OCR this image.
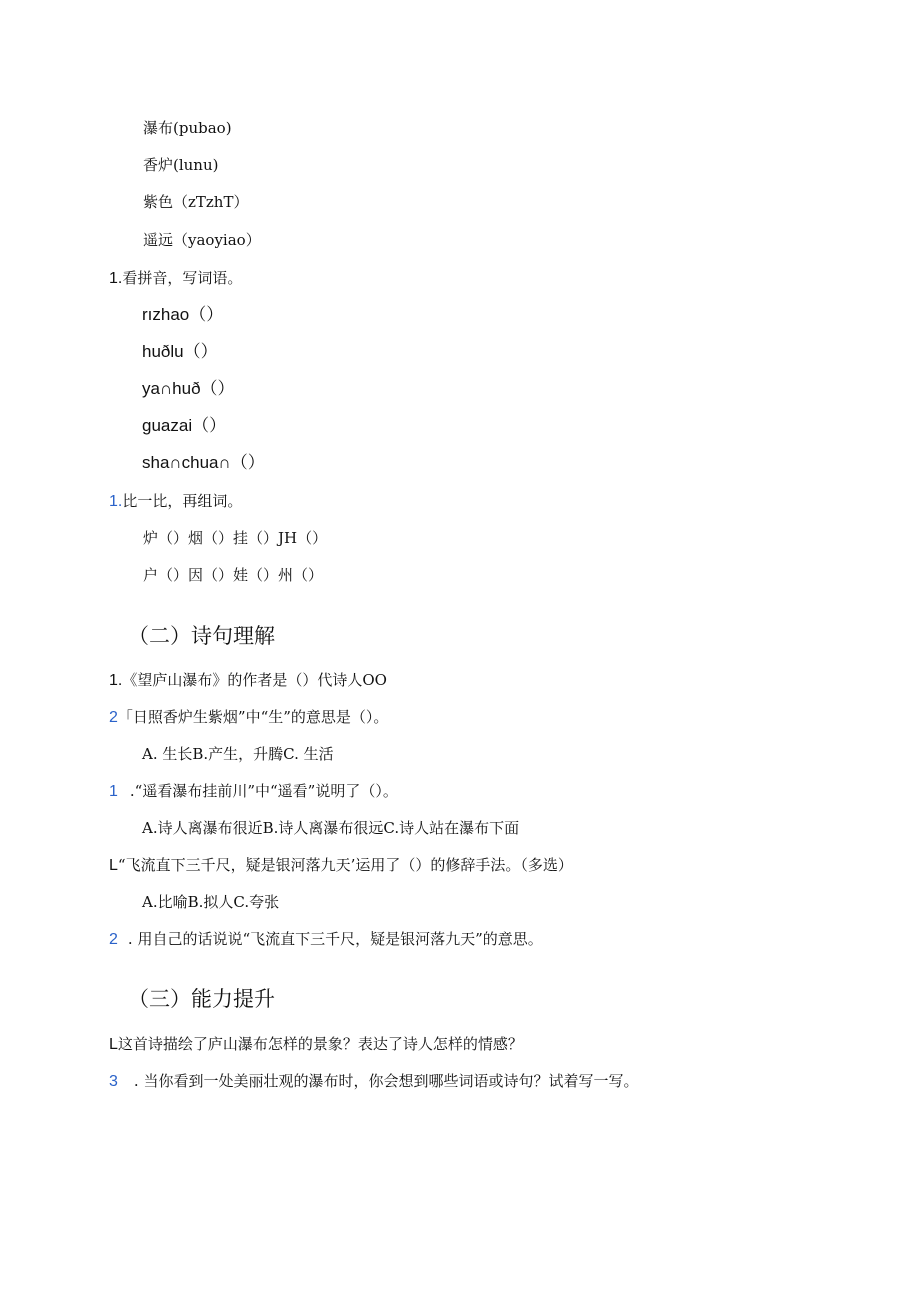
瀑布(pubao)
香炉(lunu)
紫色（zTzhT）
遥远（yaoyiao）
1.看拼音，写词语。
rızhao（）
huðlu（）
ya∩huð（）
guazai（）
sha∩chua∩（）
1.比一比，再组词。
炉（）烟（）挂（）JH（）
户（）因（）娃（）州（）
（二）诗句理解
1.《望庐山瀑布》的作者是（）代诗人OO
2「日照香炉生紫烟”中“生”的意思是（）。
A. 生长B.产生，升腾C. 生活
1 .“遥看瀑布挂前川”中“遥看”说明了（）。
A.诗人离瀑布很近B.诗人离瀑布很远C.诗人站在瀑布下面
L“飞流直下三千尺，疑是银河落九天’运用了（）的修辞手法。（多选）
A.比喻B.拟人C.夸张
2 . 用自己的话说说“飞流直下三千尺，疑是银河落九天”的意思。
（三）能力提升
L这首诗描绘了庐山瀑布怎样的景象？表达了诗人怎样的情感？
3 . 当你看到一处美丽壮观的瀑布时，你会想到哪些词语或诗句？试着写一写。
